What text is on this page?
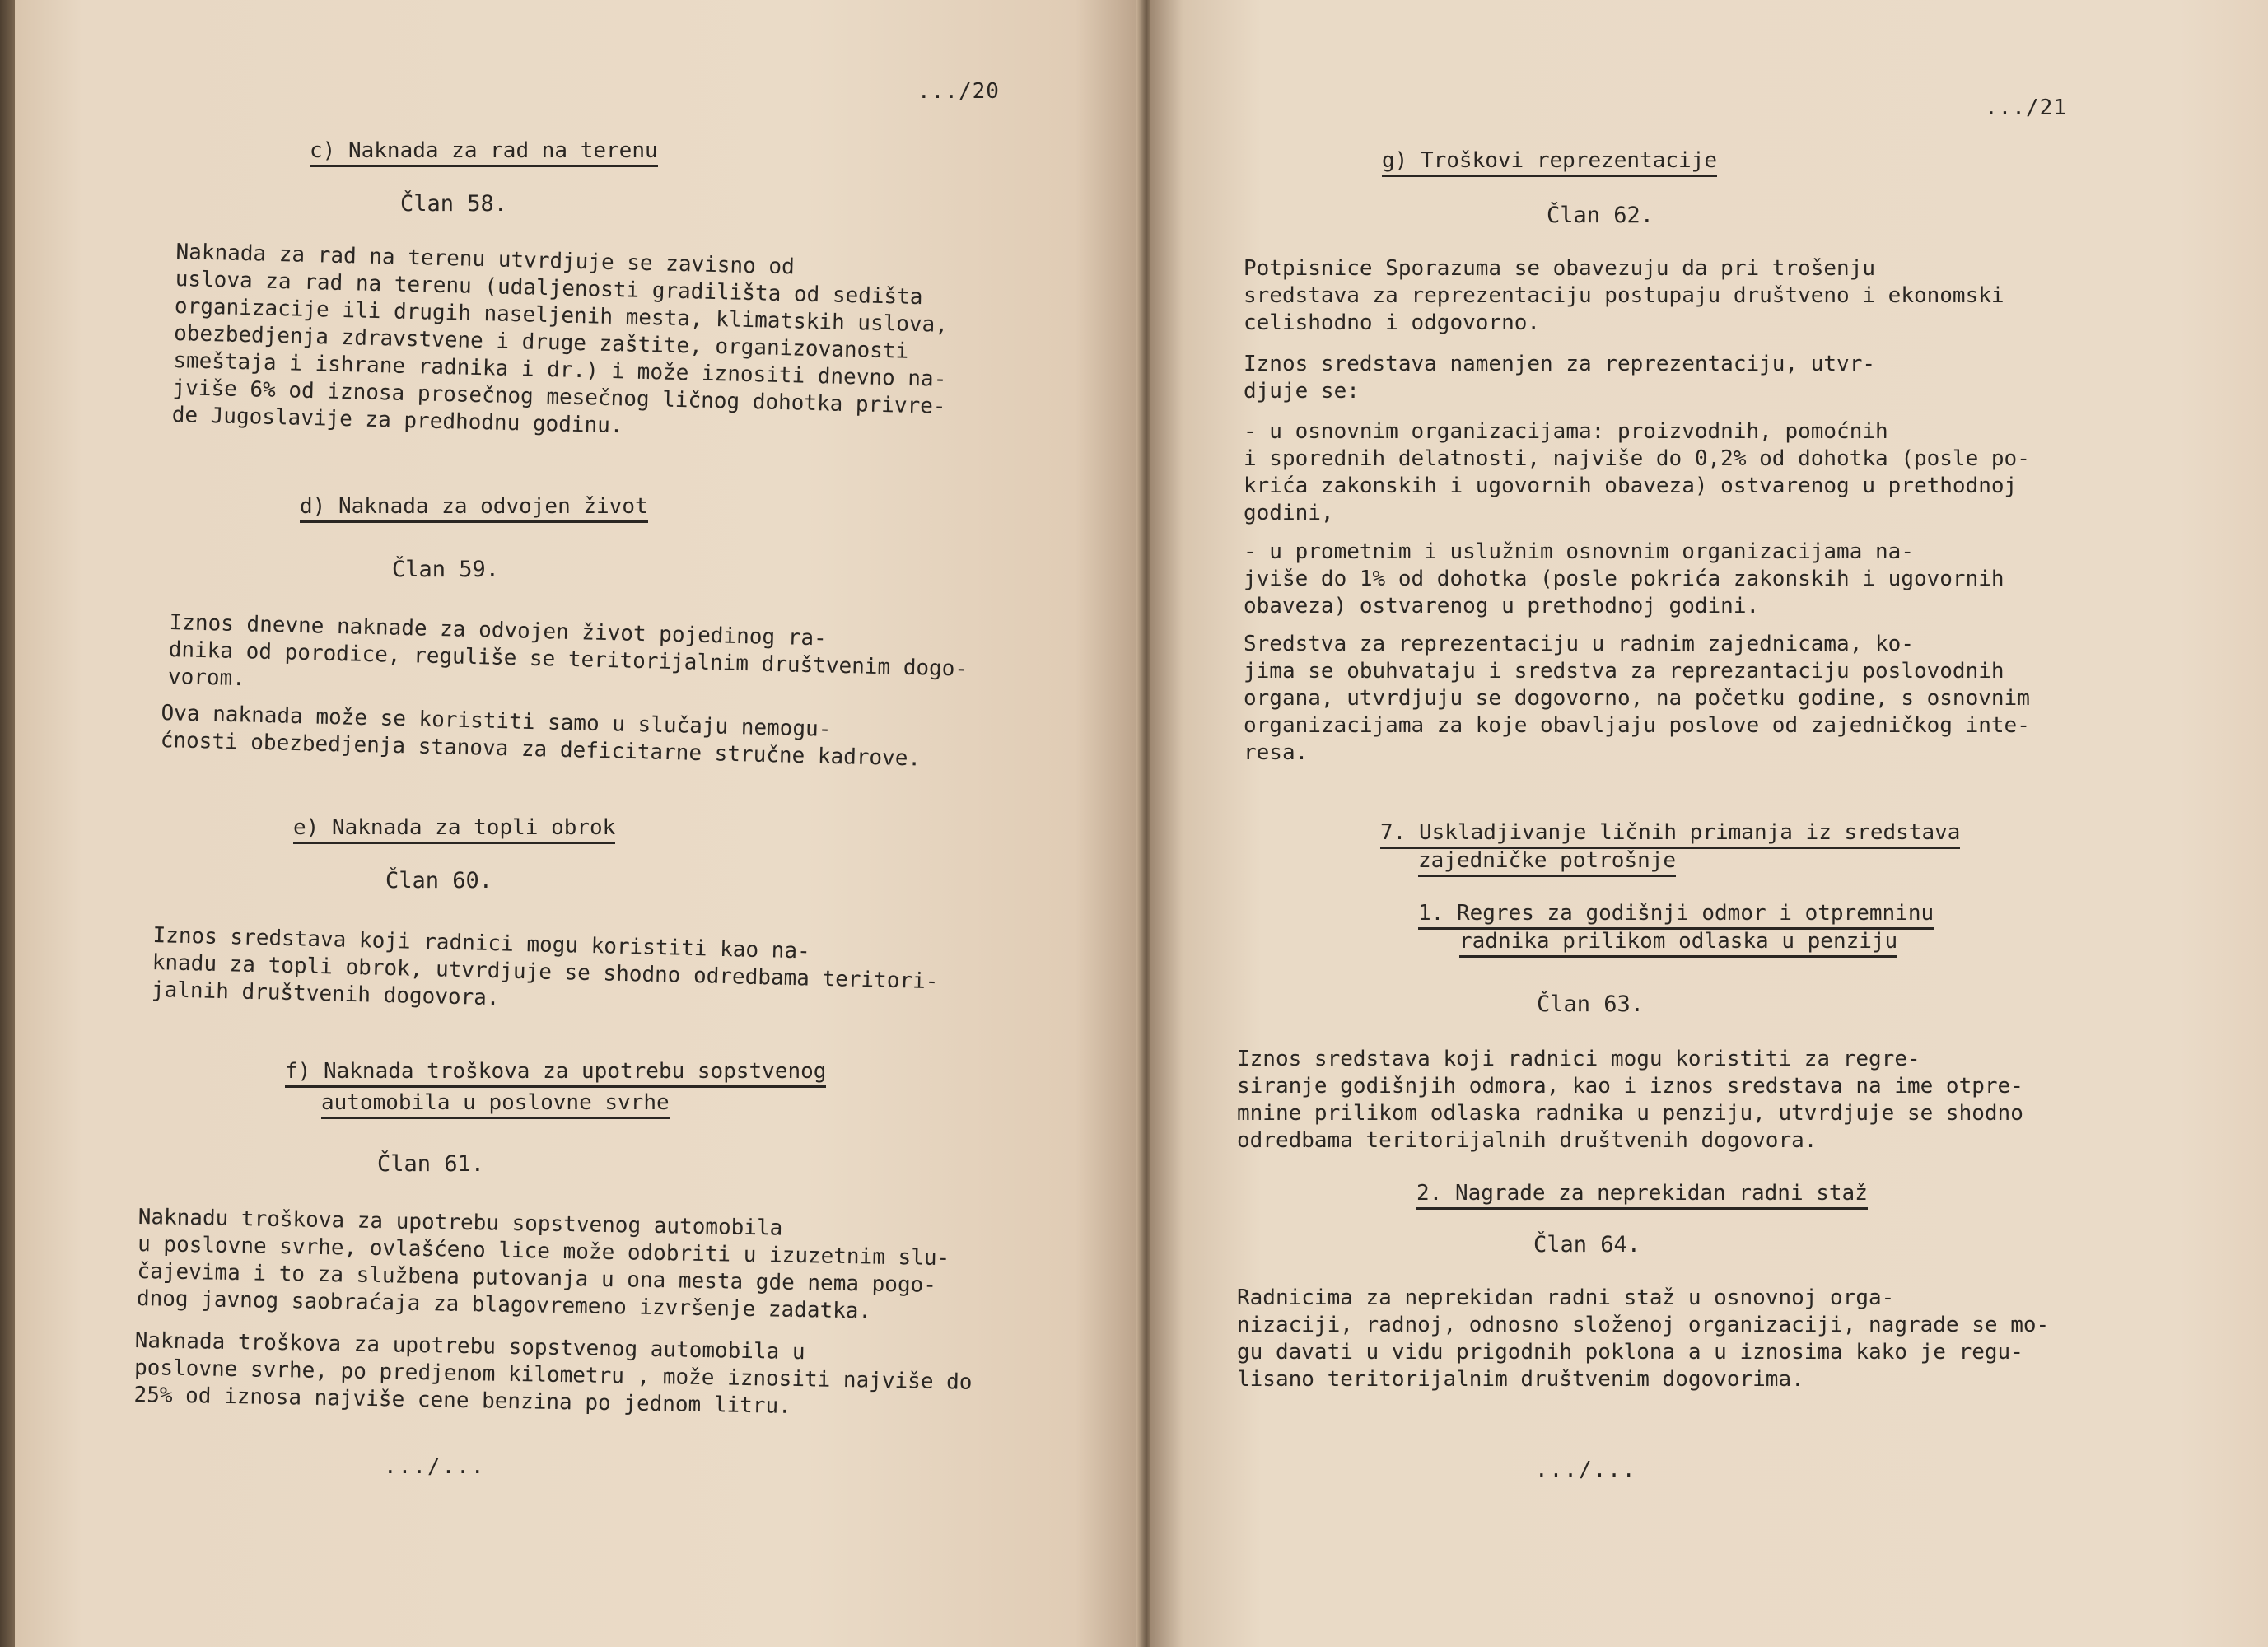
.../20
c) Naknada za rad na terenu
Član 58.
Naknada za rad na terenu utvrdjuje se zavisno od
uslova za rad na terenu (udaljenosti gradilišta od sedišta
organizacije ili drugih naseljenih mesta, klimatskih uslova,
obezbedjenja zdravstvene i druge zaštite, organizovanosti
smeštaja i ishrane radnika i dr.) i može iznositi dnevno na-
jviše 6% od iznosa prosečnog mesečnog ličnog dohotka privre-
de Jugoslavije za predhodnu godinu.
d) Naknada za odvojen život
Član 59.
Iznos dnevne naknade za odvojen život pojedinog ra-
dnika od porodice, reguliše se teritorijalnim društvenim dogo-
vorom.
Ova naknada može se koristiti samo u slučaju nemogu-
ćnosti obezbedjenja stanova za deficitarne stručne kadrove.
e) Naknada za topli obrok
Član 60.
Iznos sredstava koji radnici mogu koristiti kao na-
knadu za topli obrok, utvrdjuje se shodno odredbama teritori-
jalnih društvenih dogovora.
f) Naknada troškova za upotrebu sopstvenog
automobila u poslovne svrhe
Član 61.
Naknadu troškova za upotrebu sopstvenog automobila
u poslovne svrhe, ovlašćeno lice može odobriti u izuzetnim slu-
čajevima i to za službena putovanja u ona mesta gde nema pogo-
dnog javnog saobraćaja za blagovremeno izvršenje zadatka.
Naknada troškova za upotrebu sopstvenog automobila u
poslovne svrhe, po predjenom kilometru , može iznositi najviše do
25% od iznosa najviše cene benzina po jednom litru.
.../...
.../21
g) Troškovi reprezentacije
Član 62.
Potpisnice Sporazuma se obavezuju da pri trošenju
sredstava za reprezentaciju postupaju društveno i ekonomski
celishodno i odgovorno.
Iznos sredstava namenjen za reprezentaciju, utvr-
djuje se:
- u osnovnim organizacijama: proizvodnih, pomoćnih
i sporednih delatnosti, najviše do 0,2% od dohotka (posle po-
krića zakonskih i ugovornih obaveza) ostvarenog u prethodnoj
godini,
- u prometnim i uslužnim osnovnim organizacijama na-
jviše do 1% od dohotka (posle pokrića zakonskih i ugovornih
obaveza) ostvarenog u prethodnoj godini.
Sredstva za reprezentaciju u radnim zajednicama, ko-
jima se obuhvataju i sredstva za reprezantaciju poslovodnih
organa, utvrdjuju se dogovorno, na početku godine, s osnovnim
organizacijama za koje obavljaju poslove od zajedničkog inte-
resa.
7. Uskladjivanje ličnih primanja iz sredstava
zajedničke potrošnje
1. Regres za godišnji odmor i otpremninu
radnika prilikom odlaska u penziju
Član 63.
Iznos sredstava koji radnici mogu koristiti za regre-
siranje godišnjih odmora, kao i iznos sredstava na ime otpre-
mnine prilikom odlaska radnika u penziju, utvrdjuje se shodno
odredbama teritorijalnih društvenih dogovora.
2. Nagrade za neprekidan radni staž
Član 64.
Radnicima za neprekidan radni staž u osnovnoj orga-
nizaciji, radnoj, odnosno složenoj organizaciji, nagrade se mo-
gu davati u vidu prigodnih poklona a u iznosima kako je regu-
lisano teritorijalnim društvenim dogovorima.
.../...
